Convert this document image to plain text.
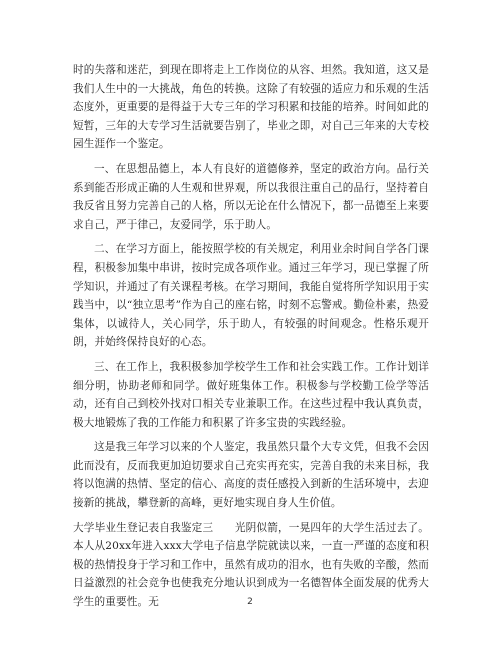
时的失落和迷茫，到现在即将走上工作岗位的从容、坦然。我知道，这又是我们人生中的一大挑战，角色的转换。这除了有较强的适应力和乐观的生活态度外，更重要的是得益于大专三年的学习积累和技能的培养。时间如此的短暂，三年的大专学习生活就要告别了，毕业之即，对自己三年来的大专校园生涯作一个鉴定。

一、在思想品德上，本人有良好的道德修养，坚定的政治方向。品行关系到能否形成正确的人生观和世界观，所以我很注重自己的品行，坚持着自我反省且努力完善自己的人格，所以无论在什么情况下，都一品德至上来要求自己，严于律己，友爱同学，乐于助人。

二、在学习方面上，能按照学校的有关规定，利用业余时间自学各门课程，积极参加集中串讲，按时完成各项作业。通过三年学习，现已掌握了所学知识，并通过了有关课程考核。在学习期间，我能自觉将所学知识用于实践当中，以“独立思考”作为自己的座右铭，时刻不忘警戒。勤俭朴素，热爱集体，以诚待人，关心同学，乐于助人，有较强的时间观念。性格乐观开朗，并始终保持良好的心态。

三、在工作上，我积极参加学校学生工作和社会实践工作。工作计划详细分明，协助老师和同学。做好班集体工作。积极参与学校勤工俭学等活动，还有自己到校外找对口相关专业兼职工作。在这些过程中我认真负责，极大地锻炼了我的工作能力和积累了许多宝贵的实践经验。

这是我三年学习以来的个人鉴定，我虽然只量个大专文凭，但我不会因此而没有，反而我更加迫切要求自己充实再充实，完善自我的未来目标，我将以饱满的热情、坚定的信心、高度的责任感投入到新的生活环境中，去迎接新的挑战，攀登新的高峰，更好地实现自身人生价值。

大学毕业生登记表自我鉴定三　　光阴似箭，一晃四年的大学生活过去了。本人从20xx年进入xxx大学电子信息学院就读以来，一直一严谨的态度和积极的热情投身于学习和工作中，虽然有成功的泪水，也有失败的辛酸，然而日益激烈的社会竞争也使我充分地认识到成为一名德智体全面发展的优秀大学生的重要性。无	2
